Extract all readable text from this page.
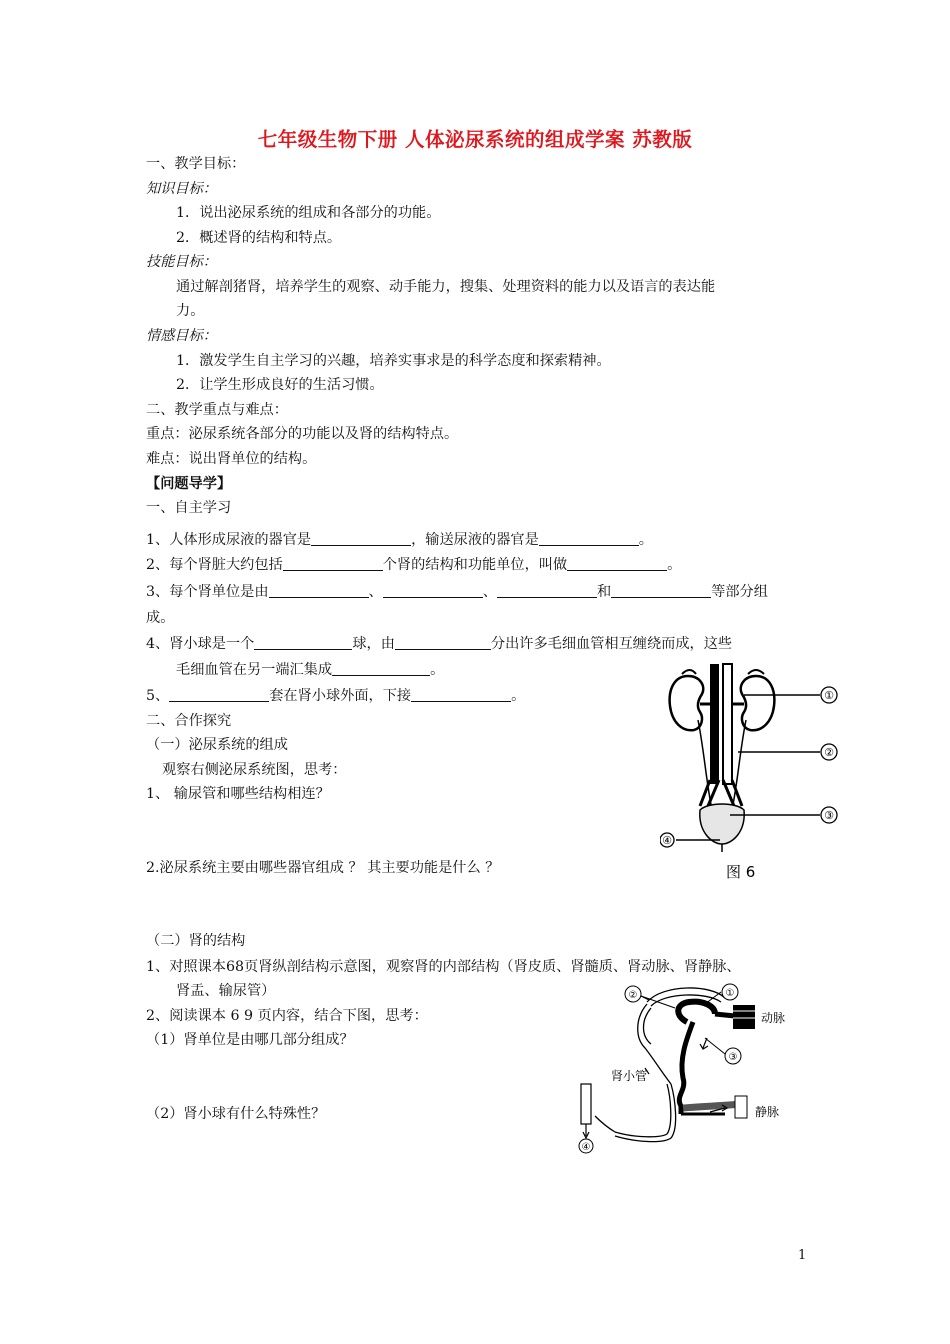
七年级生物下册 人体泌尿系统的组成学案 苏教版
一、教学目标：
知识目标：
1．说出泌尿系统的组成和各部分的功能。
2．概述肾的结构和特点。
技能目标：
通过解剖猪肾，培养学生的观察、动手能力，搜集、处理资料的能力以及语言的表达能
力。
情感目标：
1．激发学生自主学习的兴趣，培养实事求是的科学态度和探索精神。
2．让学生形成良好的生活习惯。
二、教学重点与难点：
重点：泌尿系统各部分的功能以及肾的结构特点。
难点：说出肾单位的结构。
【问题导学】
一、自主学习
1、人体形成尿液的器官是	，输送尿液的器官是	。
2、每个肾脏大约包括	个肾的结构和功能单位，叫做	。
3、每个肾单位是由	、	、	和	等部分组
成。
4、肾小球是一个	球，由	分出许多毛细血管相互缠绕而成，这些
毛细血管在另一端汇集成	。
5、	套在肾小球外面，下接	。
二、合作探究
（一）泌尿系统的组成
观察右侧泌尿系统图，思考：
1、 输尿管和哪些结构相连？
2.泌尿系统主要由哪些器官组成 ？ 其主要功能是什么 ？
①
②
③
④
图 6
（二）肾的结构
1、对照课本68页肾纵剖结构示意图，观察肾的内部结构（肾皮质、肾髓质、肾动脉、肾静脉、
肾盂、输尿管）
2、阅读课本 6 9 页内容，结合下图，思考：
（1）肾单位是由哪几部分组成？
（2）肾小球有什么特殊性？
①
②
③
④
动脉
静脉
肾小管
1
